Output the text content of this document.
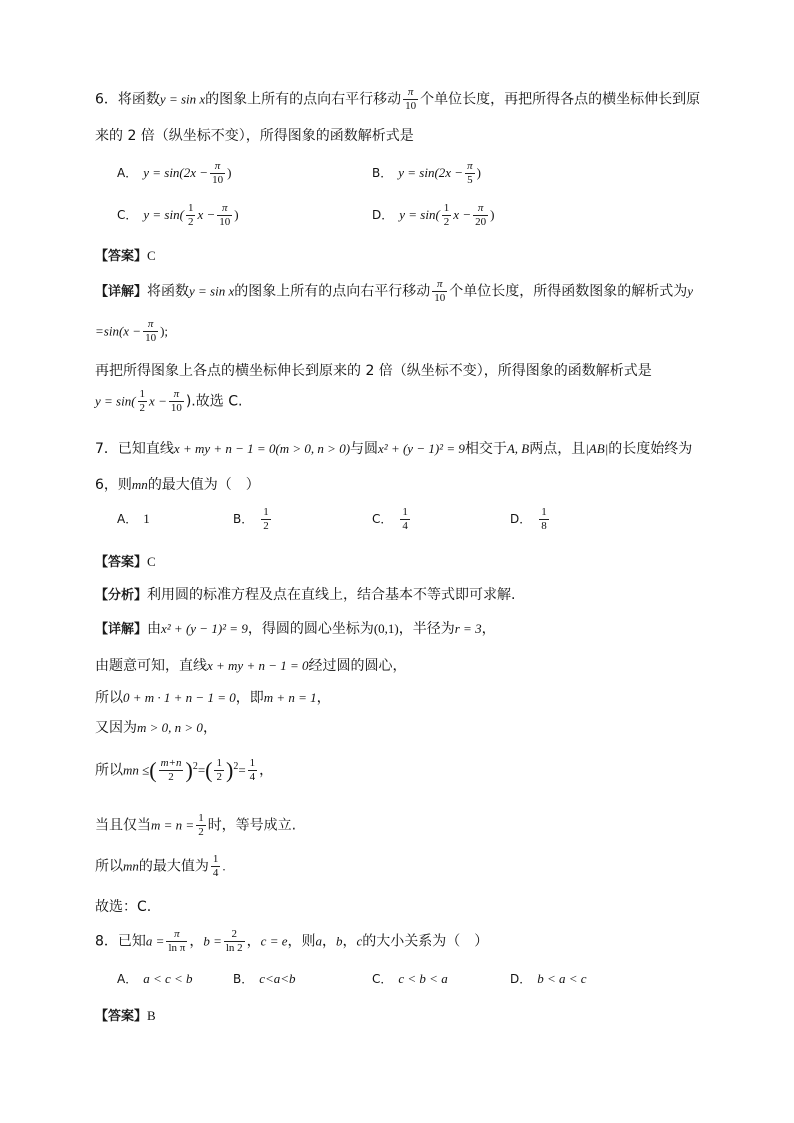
6．将函数y = sin x的图象上所有的点向右平行移动 $\frac{\pi}{10}$ 个单位长度，再把所得各点的横坐标伸长到原
来的 2 倍（纵坐标不变），所得图象的函数解析式是
A． $y = \sin(2x - \frac{\pi}{10}$ )	B． $y = \sin(2x - \frac{\pi}{5}$ )
C． $y = \sin( \frac{1}{2}$ $x - \frac{\pi}{10}$ )	D． $y = \sin( \frac{1}{2}$ $x - \frac{\pi}{20}$ )
【答案】C
【详解】将函数y = sin x的图象上所有的点向右平行移动 $\frac{\pi}{10}$ 个单位长度，所得函数图象的解析式为y
$=\sin(x - \frac{\pi}{10}$ );
再把所得图象上各点的横坐标伸长到原来的 2 倍（纵坐标不变），所得图象的函数解析式是
$y = \sin( \frac{1}{2}$ $x - \frac{\pi}{10}$ ).故选 C.
7．已知直线x + my + n − 1 = 0(m > 0, n > 0)与圆x² + (y − 1)² = 9相交于A, B两点，且|AB|的长度始终为
6，则mn的最大值为（　）
A． 1	B． $\frac{1}{2}$	C． $\frac{1}{4}$	D． $\frac{1}{8}$
【答案】C
【分析】利用圆的标准方程及点在直线上，结合基本不等式即可求解.
【详解】由x² + (y − 1)² = 9，得圆的圆心坐标为(0,1)，半径为r = 3，
由题意可知，直线x + my + n − 1 = 0经过圆的圆心，
所以0 + m · 1 + n − 1 = 0，即m + n = 1，
又因为m > 0, n > 0，
所以mn ≤( $\frac{m+n}{2} )^2=( \frac{1}{2} )^2= \frac{1}{4}$ ，
当且仅当$m = n = \frac{1}{2}$ 时，等号成立.
所以mn的最大值为 $\frac{1}{4}$ .
故选：C.
8．已知$a = \frac{\pi}{\text{ln π}}$ ，$b = \frac{2}{\ln 2}$ ，c = e，则a，b，c的大小关系为（　）
A． a < c < b	B． c<a<b	C． c < b < a	D． b < a < c
【答案】B
